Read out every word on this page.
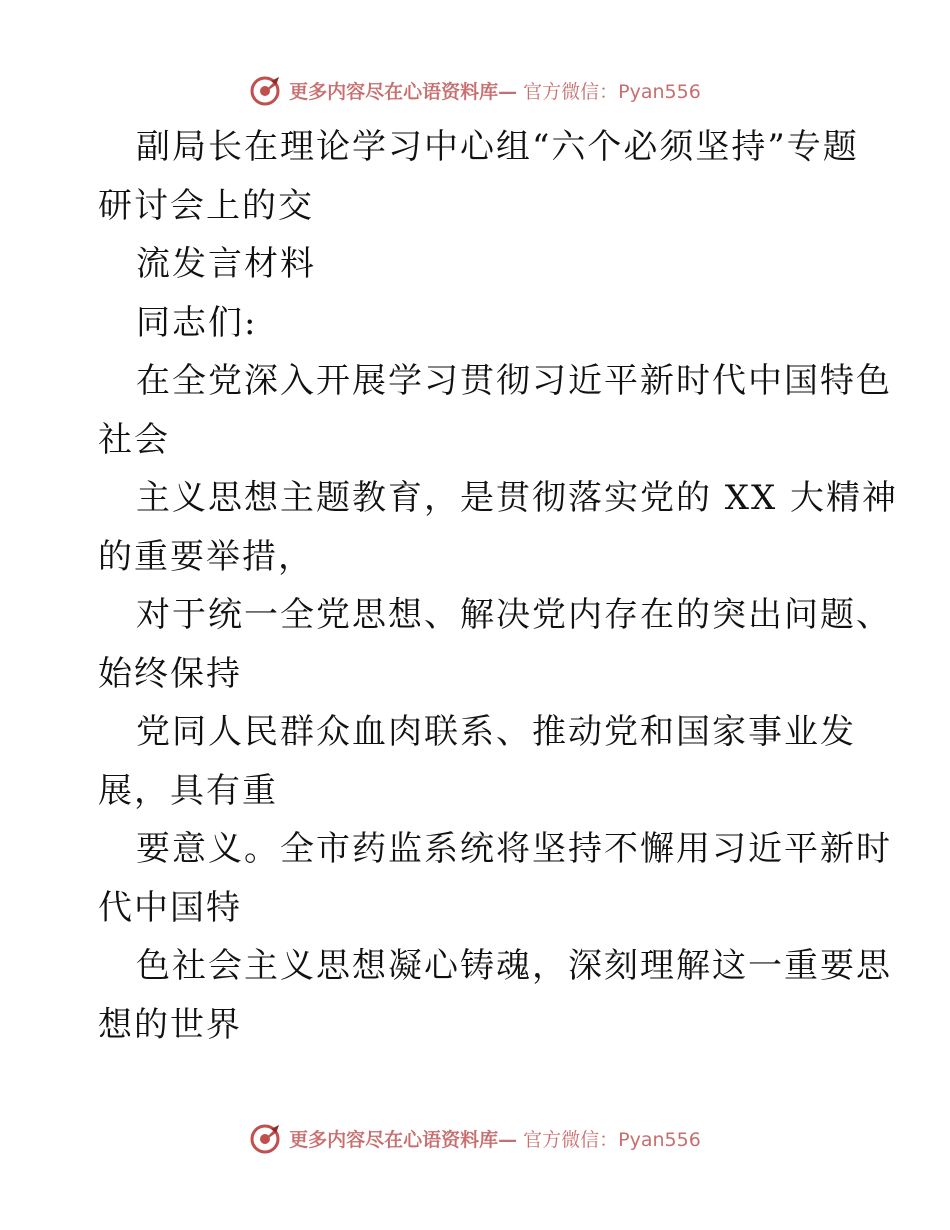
更多内容尽在心语资料库— 官方微信：Pyan556
副局长在理论学习中心组“六个必须坚持”专题
研讨会上的交
流发言材料
同志们:
在全党深入开展学习贯彻习近平新时代中国特色
社会
主义思想主题教育，是贯彻落实党的 XX 大精神
的重要举措，
对于统一全党思想、解决党内存在的突出问题、
始终保持
党同人民群众血肉联系、推动党和国家事业发
展，具有重
要意义。全市药监系统将坚持不懈用习近平新时
代中国特
色社会主义思想凝心铸魂，深刻理解这一重要思
想的世界
更多内容尽在心语资料库— 官方微信：Pyan556
